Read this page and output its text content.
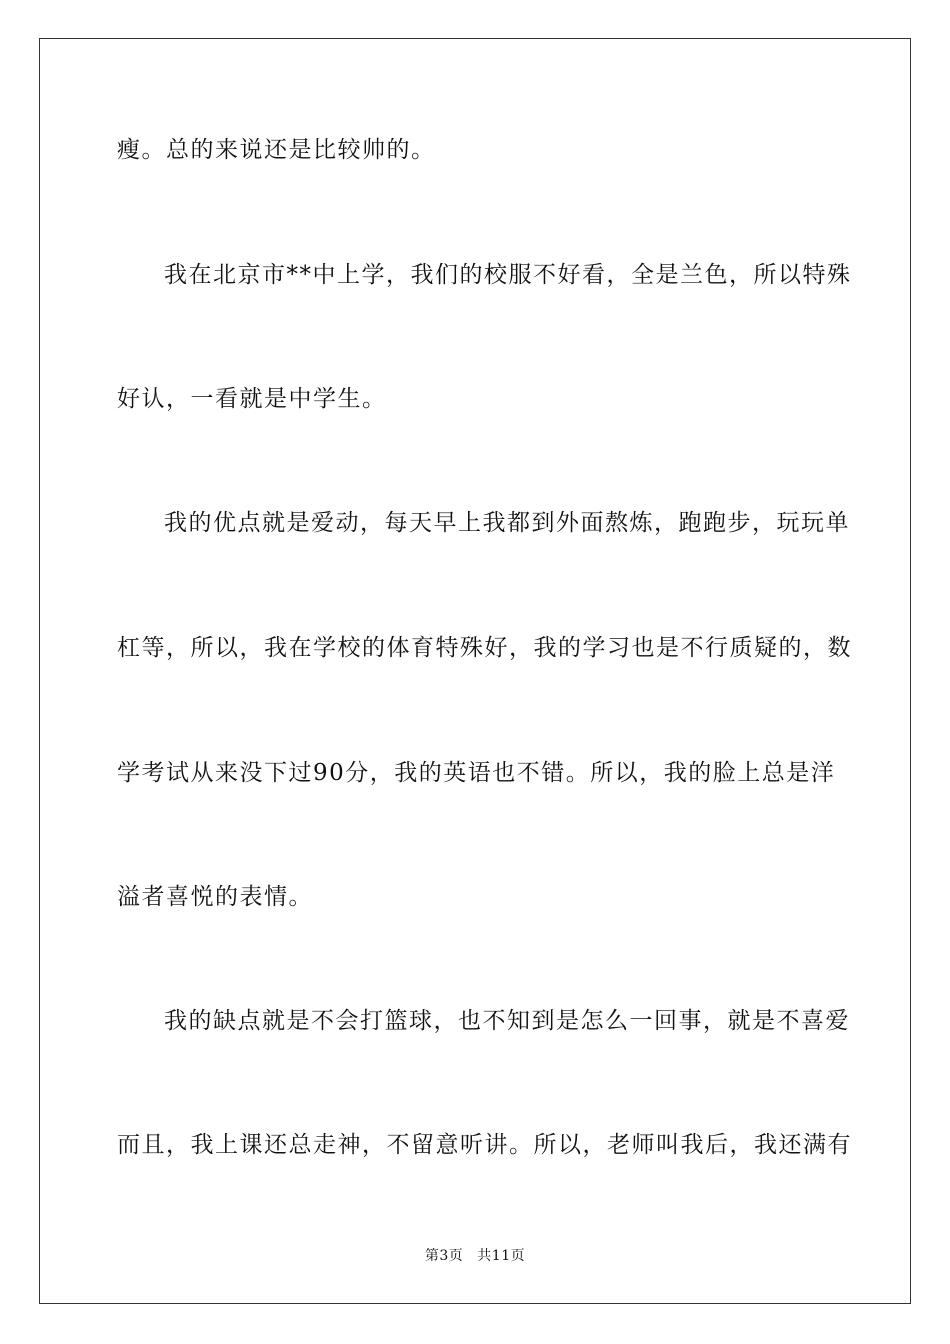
瘦。总的来说还是比较帅的。
我在北京市**中上学，我们的校服不好看，全是兰色，所以特殊
好认，一看就是中学生。
我的优点就是爱动，每天早上我都到外面熬炼，跑跑步，玩玩单
杠等，所以，我在学校的体育特殊好，我的学习也是不行质疑的，数
学考试从来没下过90分，我的英语也不错。所以，我的脸上总是洋
溢者喜悦的表情。
我的缺点就是不会打篮球，也不知到是怎么一回事，就是不喜爱
而且，我上课还总走神，不留意听讲。所以，老师叫我后，我还满有
第3页 共11页
